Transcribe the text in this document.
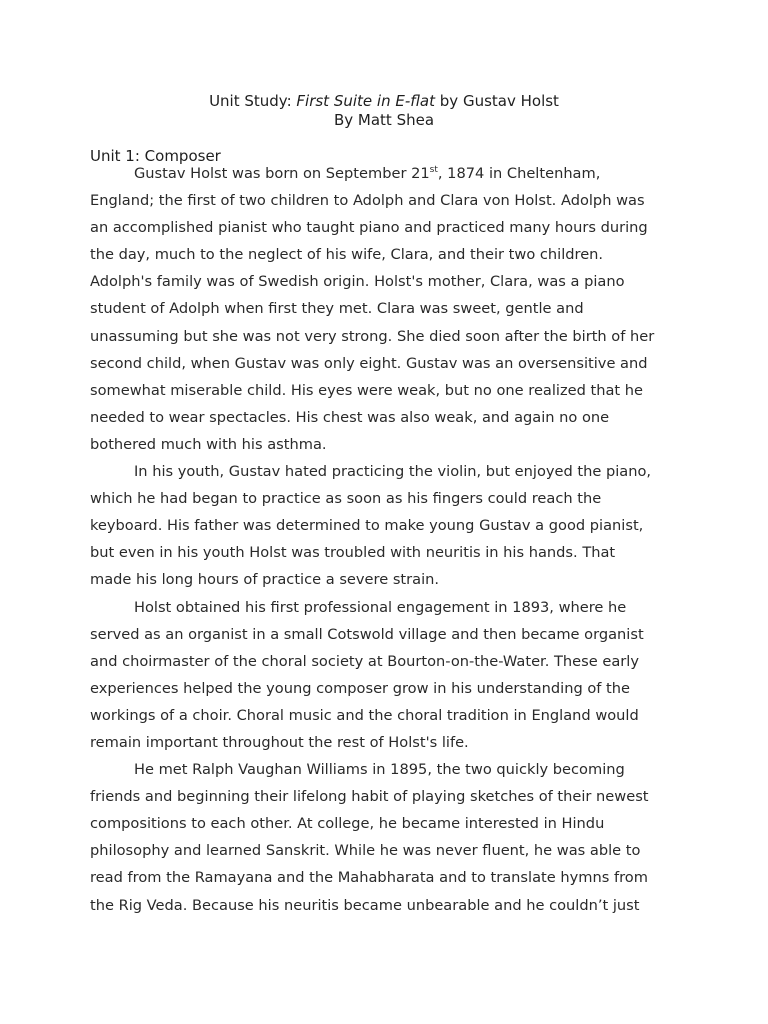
Unit Study: First Suite in E-flat by Gustav Holst
By Matt Shea
Unit 1: Composer
Gustav Holst was born on September 21st, 1874 in Cheltenham,
England; the first of two children to Adolph and Clara von Holst. Adolph was
an accomplished pianist who taught piano and practiced many hours during
the day, much to the neglect of his wife, Clara, and their two children.
Adolph's family was of Swedish origin. Holst's mother, Clara, was a piano
student of Adolph when first they met. Clara was sweet, gentle and
unassuming but she was not very strong. She died soon after the birth of her
second child, when Gustav was only eight. Gustav was an oversensitive and
somewhat miserable child. His eyes were weak, but no one realized that he
needed to wear spectacles. His chest was also weak, and again no one
bothered much with his asthma.
In his youth, Gustav hated practicing the violin, but enjoyed the piano,
which he had began to practice as soon as his fingers could reach the
keyboard. His father was determined to make young Gustav a good pianist,
but even in his youth Holst was troubled with neuritis in his hands. That
made his long hours of practice a severe strain.
Holst obtained his first professional engagement in 1893, where he
served as an organist in a small Cotswold village and then became organist
and choirmaster of the choral society at Bourton-on-the-Water. These early
experiences helped the young composer grow in his understanding of the
workings of a choir. Choral music and the choral tradition in England would
remain important throughout the rest of Holst's life.
He met Ralph Vaughan Williams in 1895, the two quickly becoming
friends and beginning their lifelong habit of playing sketches of their newest
compositions to each other. At college, he became interested in Hindu
philosophy and learned Sanskrit. While he was never fluent, he was able to
read from the Ramayana and the Mahabharata and to translate hymns from
the Rig Veda. Because his neuritis became unbearable and he couldn’t just
